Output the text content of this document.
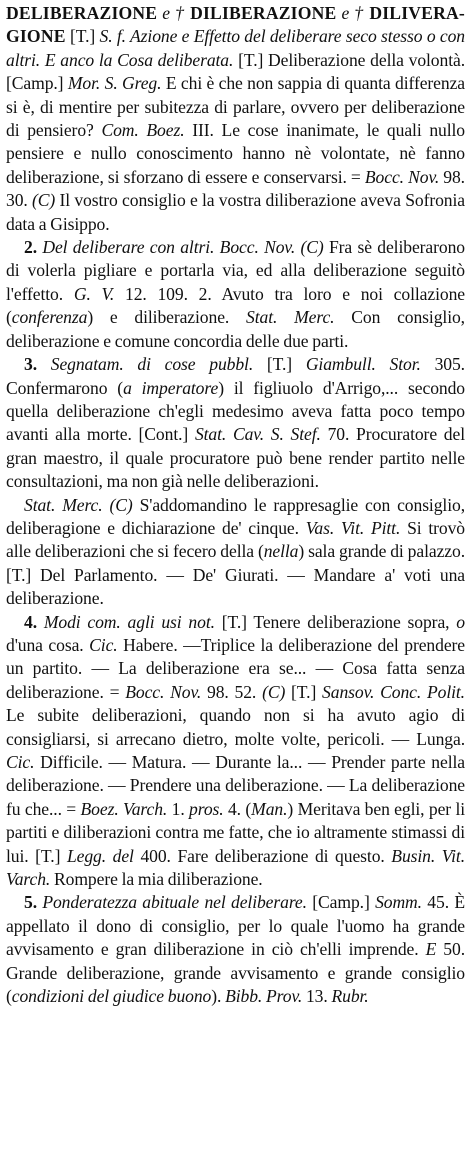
DELIBERAZIONE e † DILIBERAZIONE e † DILIVERA-GIONE [T.] S. f. Azione e Effetto del deliberare seco stesso o con altri. E anco la Cosa deliberata. [T.] Deliberazione della volontà. [Camp.] Mor. S. Greg. E chi è che non sappia di quanta differenza si è, di mentire per subitezza di parlare, ovvero per deliberazione di pensiero? Com. Boez. III. Le cose inanimate, le quali nullo pensiere e nullo conoscimento hanno nè volontate, nè fanno deliberazione, si sforzano di essere e conservarsi. = Bocc. Nov. 98. 30. (C) Il vostro consiglio e la vostra diliberazione aveva Sofronia data a Gisippo.

2. Del deliberare con altri. Bocc. Nov. (C) Fra sè deliberarono di volerla pigliare e portarla via, ed alla deliberazione seguitò l'effetto. G. V. 12. 109. 2. Avuto tra loro e noi collazione (conferenza) e diliberazione. Stat. Merc. Con consiglio, deliberazione e comune concordia delle due parti.

3. Segnatam. di cose pubbl. [T.] Giambull. Stor. 305. Confermarono (a imperatore) il figliuolo d'Arrigo,... secondo quella deliberazione ch'egli medesimo aveva fatta poco tempo avanti alla morte. [Cont.] Stat. Cav. S. Stef. 70. Procuratore del gran maestro, il quale procuratore può bene render partito nelle consultazioni, ma non già nelle deliberazioni.

Stat. Merc. (C) S'addomandino le rappresaglie con consiglio, deliberagione e dichiarazione de' cinque. Vas. Vit. Pitt. Si trovò alle deliberazioni che si fecero della (nella) sala grande di palazzo. [T.] Del Parlamento. — De' Giurati. — Mandare a' voti una deliberazione.

4. Modi com. agli usi not. [T.] Tenere deliberazione sopra, o d'una cosa. Cic. Habere. —Triplice la deliberazione del prendere un partito. — La deliberazione era se... — Cosa fatta senza deliberazione. = Bocc. Nov. 98. 52. (C) [T.] Sansov. Conc. Polit. Le subite deliberazioni, quando non si ha avuto agio di consigliarsi, si arrecano dietro, molte volte, pericoli. — Lunga. Cic. Difficile. — Matura. — Durante la... — Prender parte nella deliberazione. — Prendere una deliberazione. — La deliberazione fu che... = Boez. Varch. 1. pros. 4. (Man.) Meritava ben egli, per li partiti e diliberazioni contra me fatte, che io altramente stimassi di lui. [T.] Legg. del 400. Fare deliberazione di questo. Busin. Vit. Varch. Rompere la mia diliberazione.

5. Ponderatezza abituale nel deliberare. [Camp.] Somm. 45. È appellato il dono di consiglio, per lo quale l'uomo ha grande avvisamento e gran diliberazione in ciò ch'elli imprende. E 50. Grande deliberazione, grande avvisamento e grande consiglio (condizioni del giudice buono). Bibb. Prov. 13. Rubr.
